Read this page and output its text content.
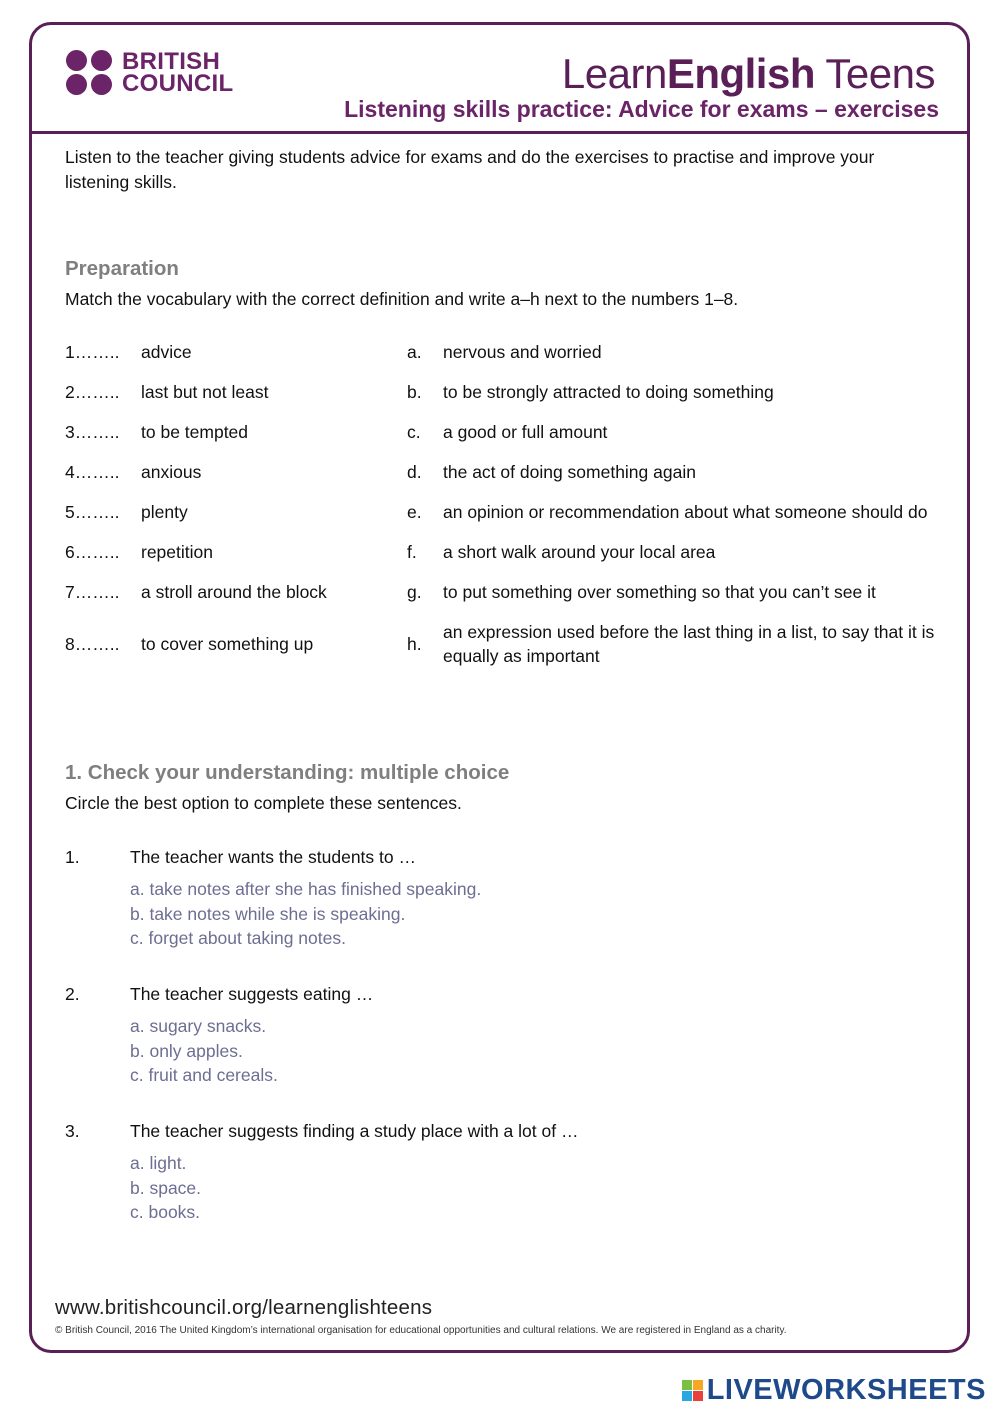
BRITISH
COUNCIL	LearnEnglish Teens
Listening skills practice: Advice for exams – exercises
Listen to the teacher giving students advice for exams and do the exercises to practise and improve your listening skills.
Preparation
Match the vocabulary with the correct definition and write a–h next to the numbers 1–8.
1……..	advice	a.	nervous and worried
2……..	last but not least	b.	to be strongly attracted to doing something
3……..	to be tempted	c.	a good or full amount
4……..	anxious	d.	the act of doing something again
5……..	plenty	e.	an opinion or recommendation about what someone should do
6……..	repetition	f.	a short walk around your local area
7……..	a stroll around the block	g.	to put something over something so that you can’t see it
8……..	to cover something up	h.	an expression used before the last thing in a list, to say that it is equally as important
1. Check your understanding: multiple choice
Circle the best option to complete these sentences.
1.	The teacher wants the students to …
a. take notes after she has finished speaking.
b. take notes while she is speaking.
c. forget about taking notes.
2.	The teacher suggests eating …
a. sugary snacks.
b. only apples.
c. fruit and cereals.
3.	The teacher suggests finding a study place with a lot of …
a. light.
b. space.
c. books.
www.britishcouncil.org/learnenglishteens
© British Council, 2016 The United Kingdom’s international organisation for educational opportunities and cultural relations. We are registered in England as a charity.
LIVEWORKSHEETS
